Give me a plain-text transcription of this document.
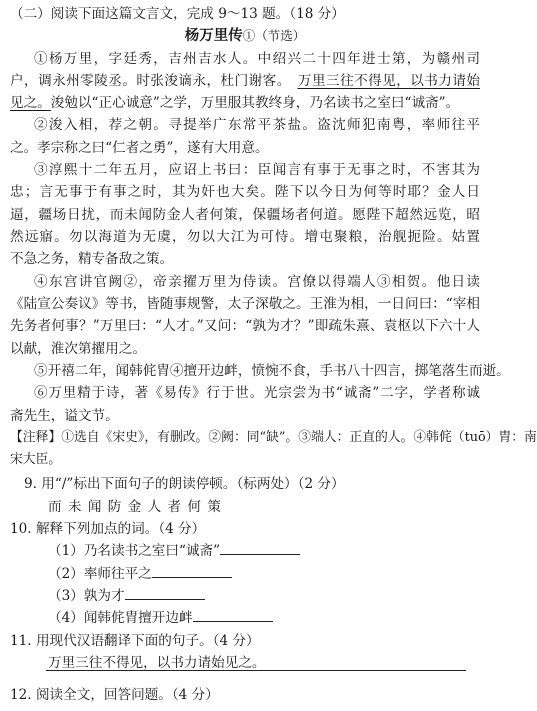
（二）阅读下面这篇文言文，完成 9～13 题。（18 分）
杨万里传①（节选）
①杨万里，字廷秀，吉州吉水人。中绍兴二十四年进士第，为赣州司
户，调永州零陵丞。时张浚谪永，杜门谢客。  万里三往不得见，以书力请始
见之。浚勉以“正心诚意”之学，万里服其教终身，乃名读书之室曰“诚斋”。
②浚入相，荐之朝。寻提举广东常平茶盐。盗沈师犯南粤，率师往平
之。孝宗称之曰“仁者之勇”，遂有大用意。
③淳熙十二年五月，应诏上书曰：臣闻言有事于无事之时，不害其为
忠；言无事于有事之时，其为奸也大矣。陛下以今日为何等时耶？金人日
逼，疆场日扰，而未闻防金人者何策，保疆场者何道。愿陛下超然远览，昭
然远寤。勿以海道为无虞，勿以大江为可恃。增屯聚粮，治舰扼险。姑置
不急之务，精专备敌之策。
④东宫讲官阙②，帝亲擢万里为侍读。宫僚以得端人③相贺。他日读
《陆宣公奏议》等书，皆随事规警，太子深敬之。王淮为相，一日问曰：“宰相
先务者何事？”万里曰：“人才。”又问：“孰为才？”即疏朱熹、袁枢以下六十人
以献，淮次第擢用之。
⑤开禧二年，闻韩侂胄④擅开边衅，愤惋不食，手书八十四言，掷笔落生而逝。
⑥万里精于诗，著《易传》行于世。光宗尝为书“诚斋”二字，学者称诚
斋先生，谥文节。
【注释】①选自《宋史》，有删改。②阙：同“缺”。③端人：正直的人。④韩侂（tuō）胄：南
宋大臣。
9. 用“/”标出下面句子的朗读停顿。（标两处）（2 分）
而 未 闻 防 金 人 者 何 策
10. 解释下列加点的词。（4 分）
（1）乃名读书之室曰“诚斋”
（2）率师往平之
（3）孰为才
（4）闻韩侂胄擅开边衅
11. 用现代汉语翻译下面的句子。（4 分）
万里三往不得见，以书力请始见之。
12. 阅读全文，回答问题。（4 分）
